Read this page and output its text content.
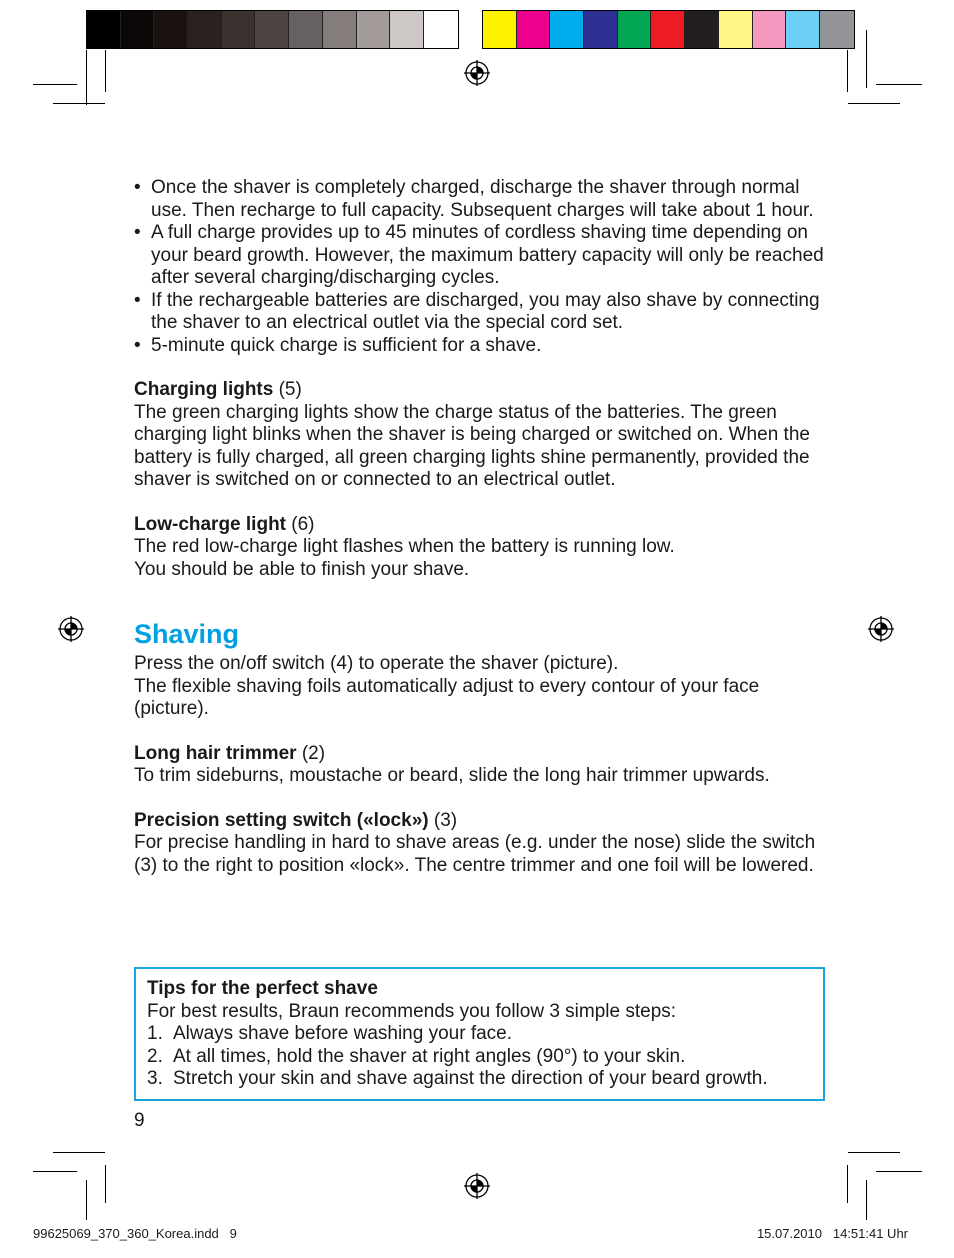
• Once the shaver is completely charged, discharge the shaver through normal use. Then recharge to full capacity. Subsequent charges will take about 1 hour.
• A full charge provides up to 45 minutes of cordless shaving time depending on your beard growth. However, the maximum battery capacity will only be reached after several charging/discharging cycles.
• If the rechargeable batteries are discharged, you may also shave by connecting the shaver to an electrical outlet via the special cord set.
• 5-minute quick charge is sufficient for a shave.

Charging lights (5)

The green charging lights show the charge status of the batteries. The green charging light blinks when the shaver is being charged or switched on. When the battery is fully charged, all green charging lights shine permanently, provided the shaver is switched on or connected to an electrical outlet.

Low-charge light (6)

The red low-charge light flashes when the battery is running low.

You should be able to finish your shave.

Shaving

Press the on/off switch (4) to operate the shaver (picture).

The flexible shaving foils automatically adjust to every contour of your face (picture).

Long hair trimmer (2)

To trim sideburns, moustache or beard, slide the long hair trimmer upwards.

Precision setting switch («lock») (3)

For precise handling in hard to shave areas (e.g. under the nose) slide the switch (3) to the right to position «lock». The centre trimmer and one foil will be lowered.

Tips for the perfect shave

For best results, Braun recommends you follow 3 simple steps:

1. Always shave before washing your face.
2. At all times, hold the shaver at right angles (90°) to your skin.
3. Stretch your skin and shave against the direction of your beard growth.
9
99625069_370_360_Korea.indd   9	15.07.2010   14:51:41 Uhr
